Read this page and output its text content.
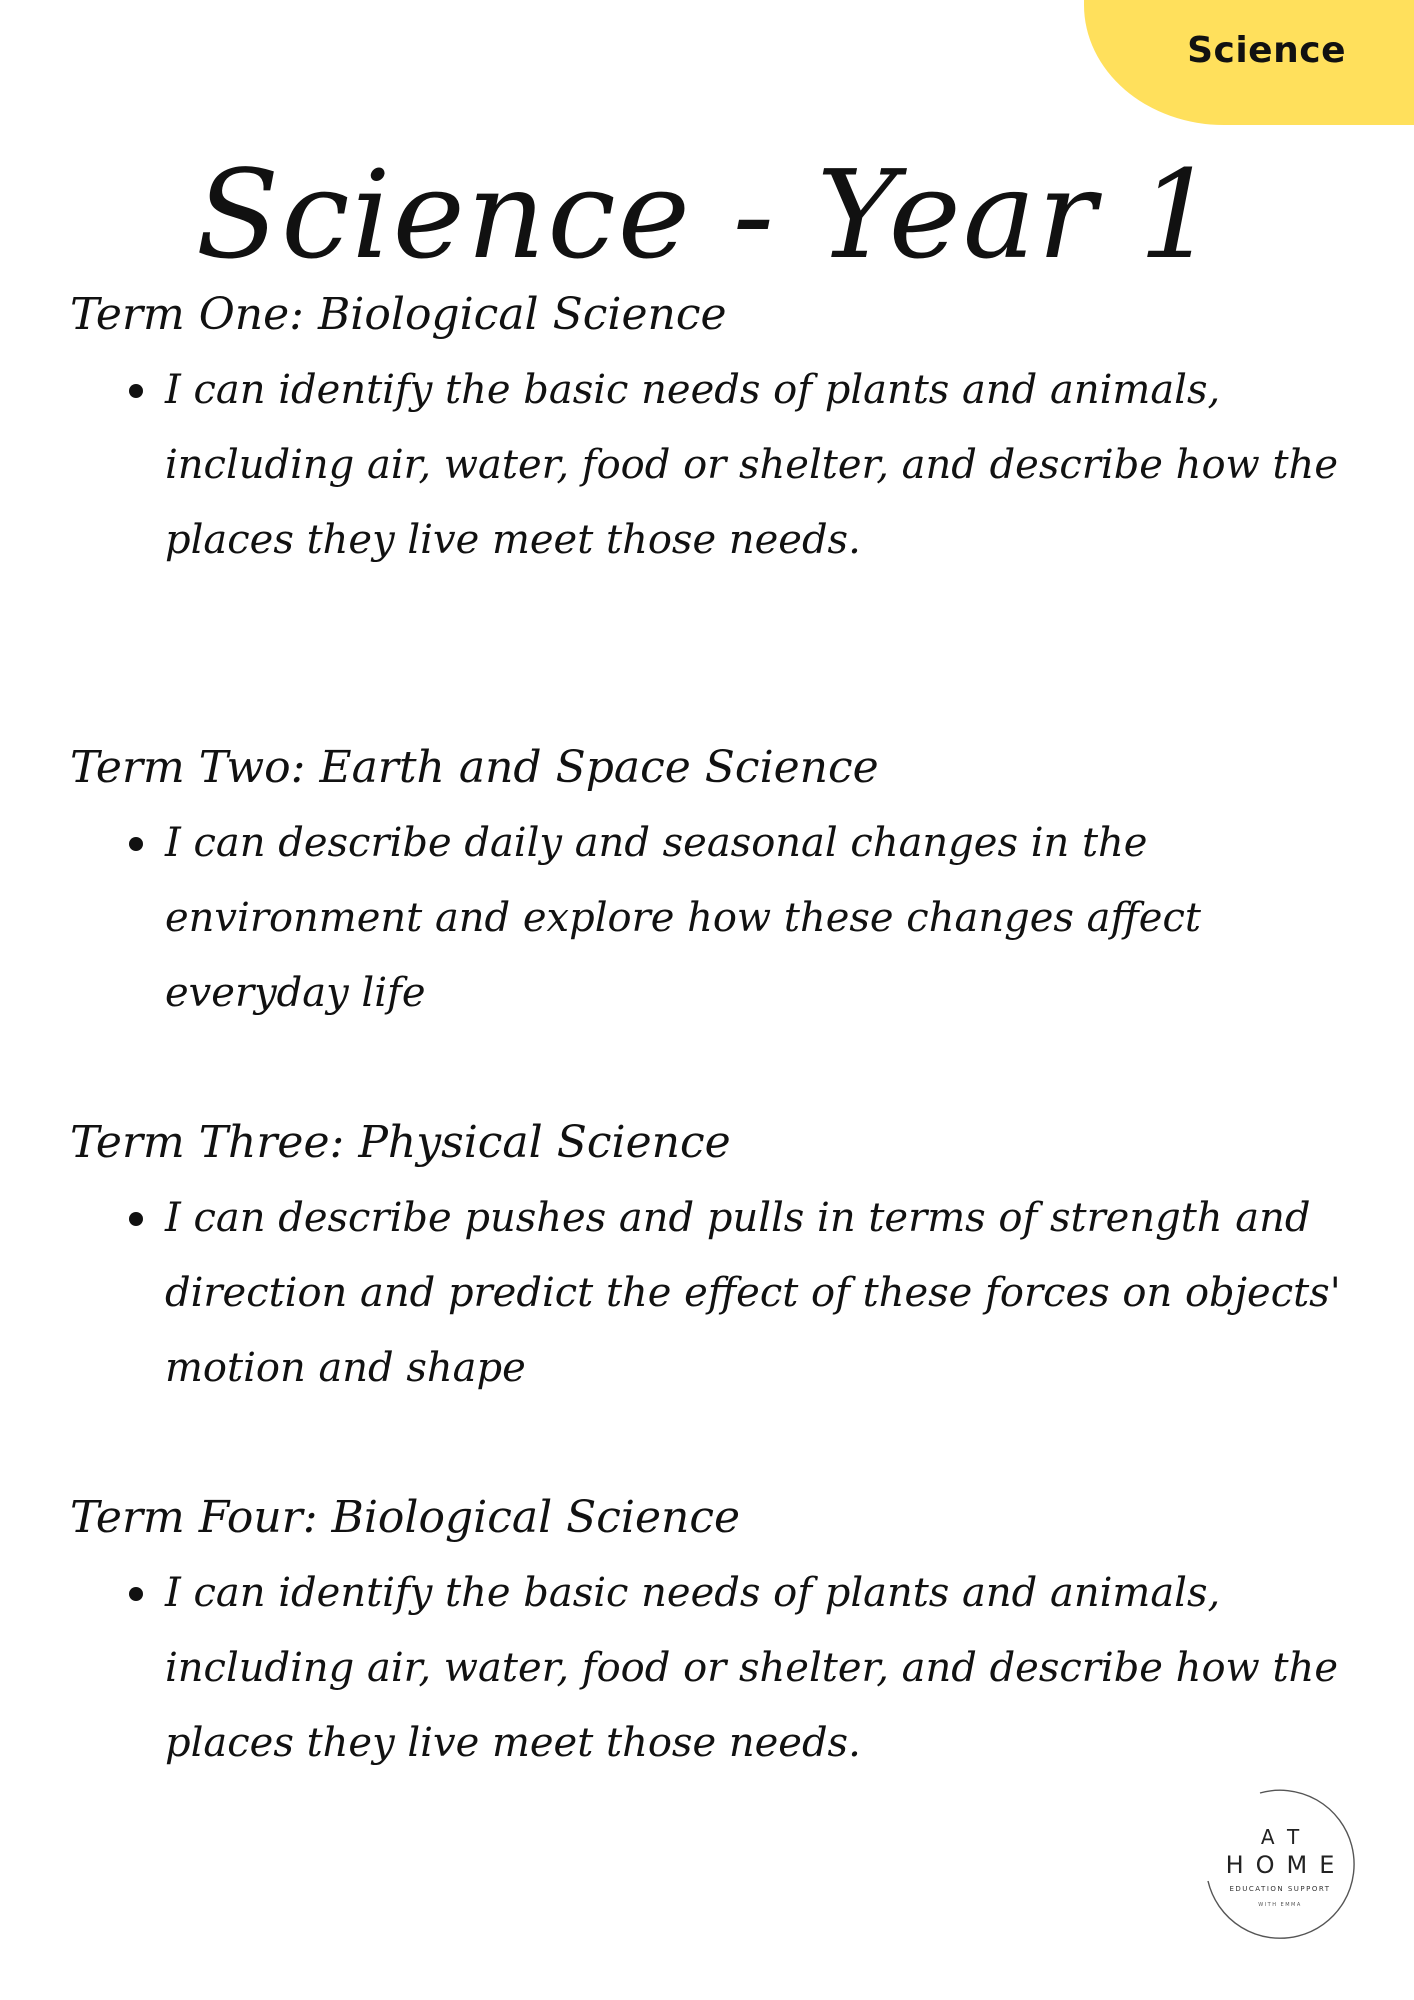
Science
Science - Year 1
Term One: Biological Science
I can identify the basic needs of plants and animals, including air, water, food or shelter, and describe how the places they live meet those needs.
Term Two: Earth and Space Science
I can describe daily and seasonal changes in the environment and explore how these changes affect everyday life
Term Three: Physical Science
I can describe pushes and pulls in terms of strength and direction and predict the effect of these forces on objects' motion and shape
Term Four: Biological Science
I can identify the basic needs of plants and animals, including air, water, food or shelter, and describe how the places they live meet those needs.
AT
HOME
EDUCATION SUPPORT
WITH EMMA
